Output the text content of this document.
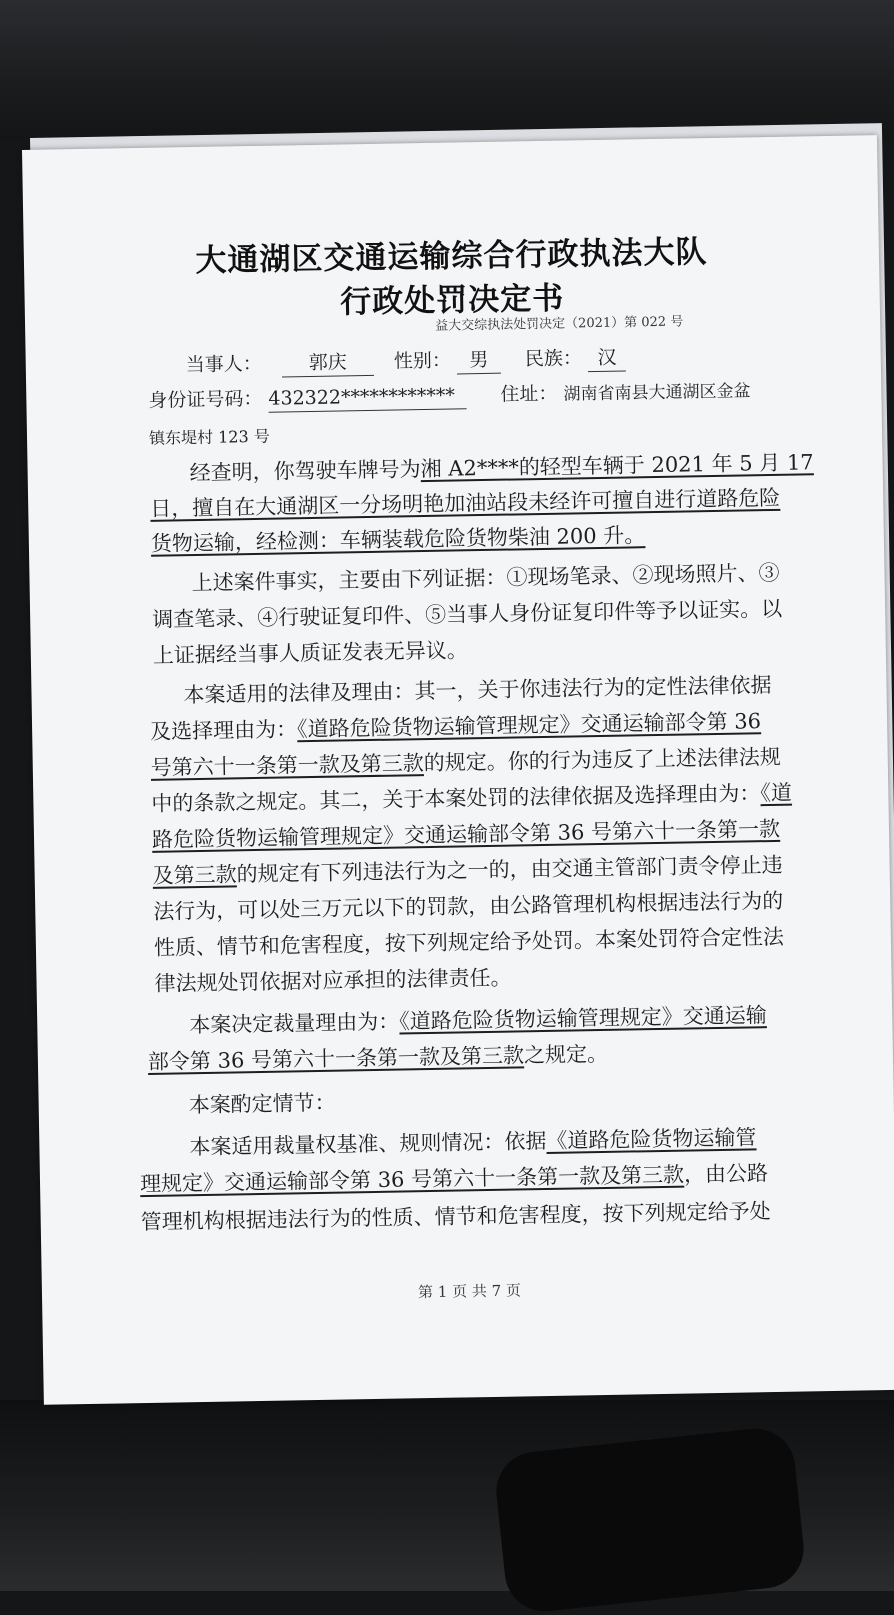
大通湖区交通运输综合行政执法大队
行政处罚决定书
益大交综执法处罚决定（2021）第 022 号
当事人： 郭庆 性别： 男 民族： 汉
身份证号码： 432322************ 住址： 湖南省南县大通湖区金盆
镇东堤村 123 号
经查明，你驾驶车牌号为湘 A2****的轻型车辆于 2021 年 5 月 17
日，擅自在大通湖区一分场明艳加油站段未经许可擅自进行道路危险
货物运输，经检测：车辆装载危险货物柴油 200 升。
上述案件事实，主要由下列证据：①现场笔录、②现场照片、③
调查笔录、④行驶证复印件、⑤当事人身份证复印件等予以证实。以
上证据经当事人质证发表无异议。
本案适用的法律及理由：其一，关于你违法行为的定性法律依据
及选择理由为：《道路危险货物运输管理规定》交通运输部令第 36
号第六十一条第一款及第三款的规定。你的行为违反了上述法律法规
中的条款之规定。其二，关于本案处罚的法律依据及选择理由为：《道
路危险货物运输管理规定》交通运输部令第 36 号第六十一条第一款
及第三款的规定有下列违法行为之一的，由交通主管部门责令停止违
法行为，可以处三万元以下的罚款，由公路管理机构根据违法行为的
性质、情节和危害程度，按下列规定给予处罚。本案处罚符合定性法
律法规处罚依据对应承担的法律责任。
本案决定裁量理由为：《道路危险货物运输管理规定》交通运输
部令第 36 号第六十一条第一款及第三款之规定。
本案酌定情节：
本案适用裁量权基准、规则情况：依据《道路危险货物运输管
理规定》交通运输部令第 36 号第六十一条第一款及第三款，由公路
管理机构根据违法行为的性质、情节和危害程度，按下列规定给予处
第 1 页 共 7 页
